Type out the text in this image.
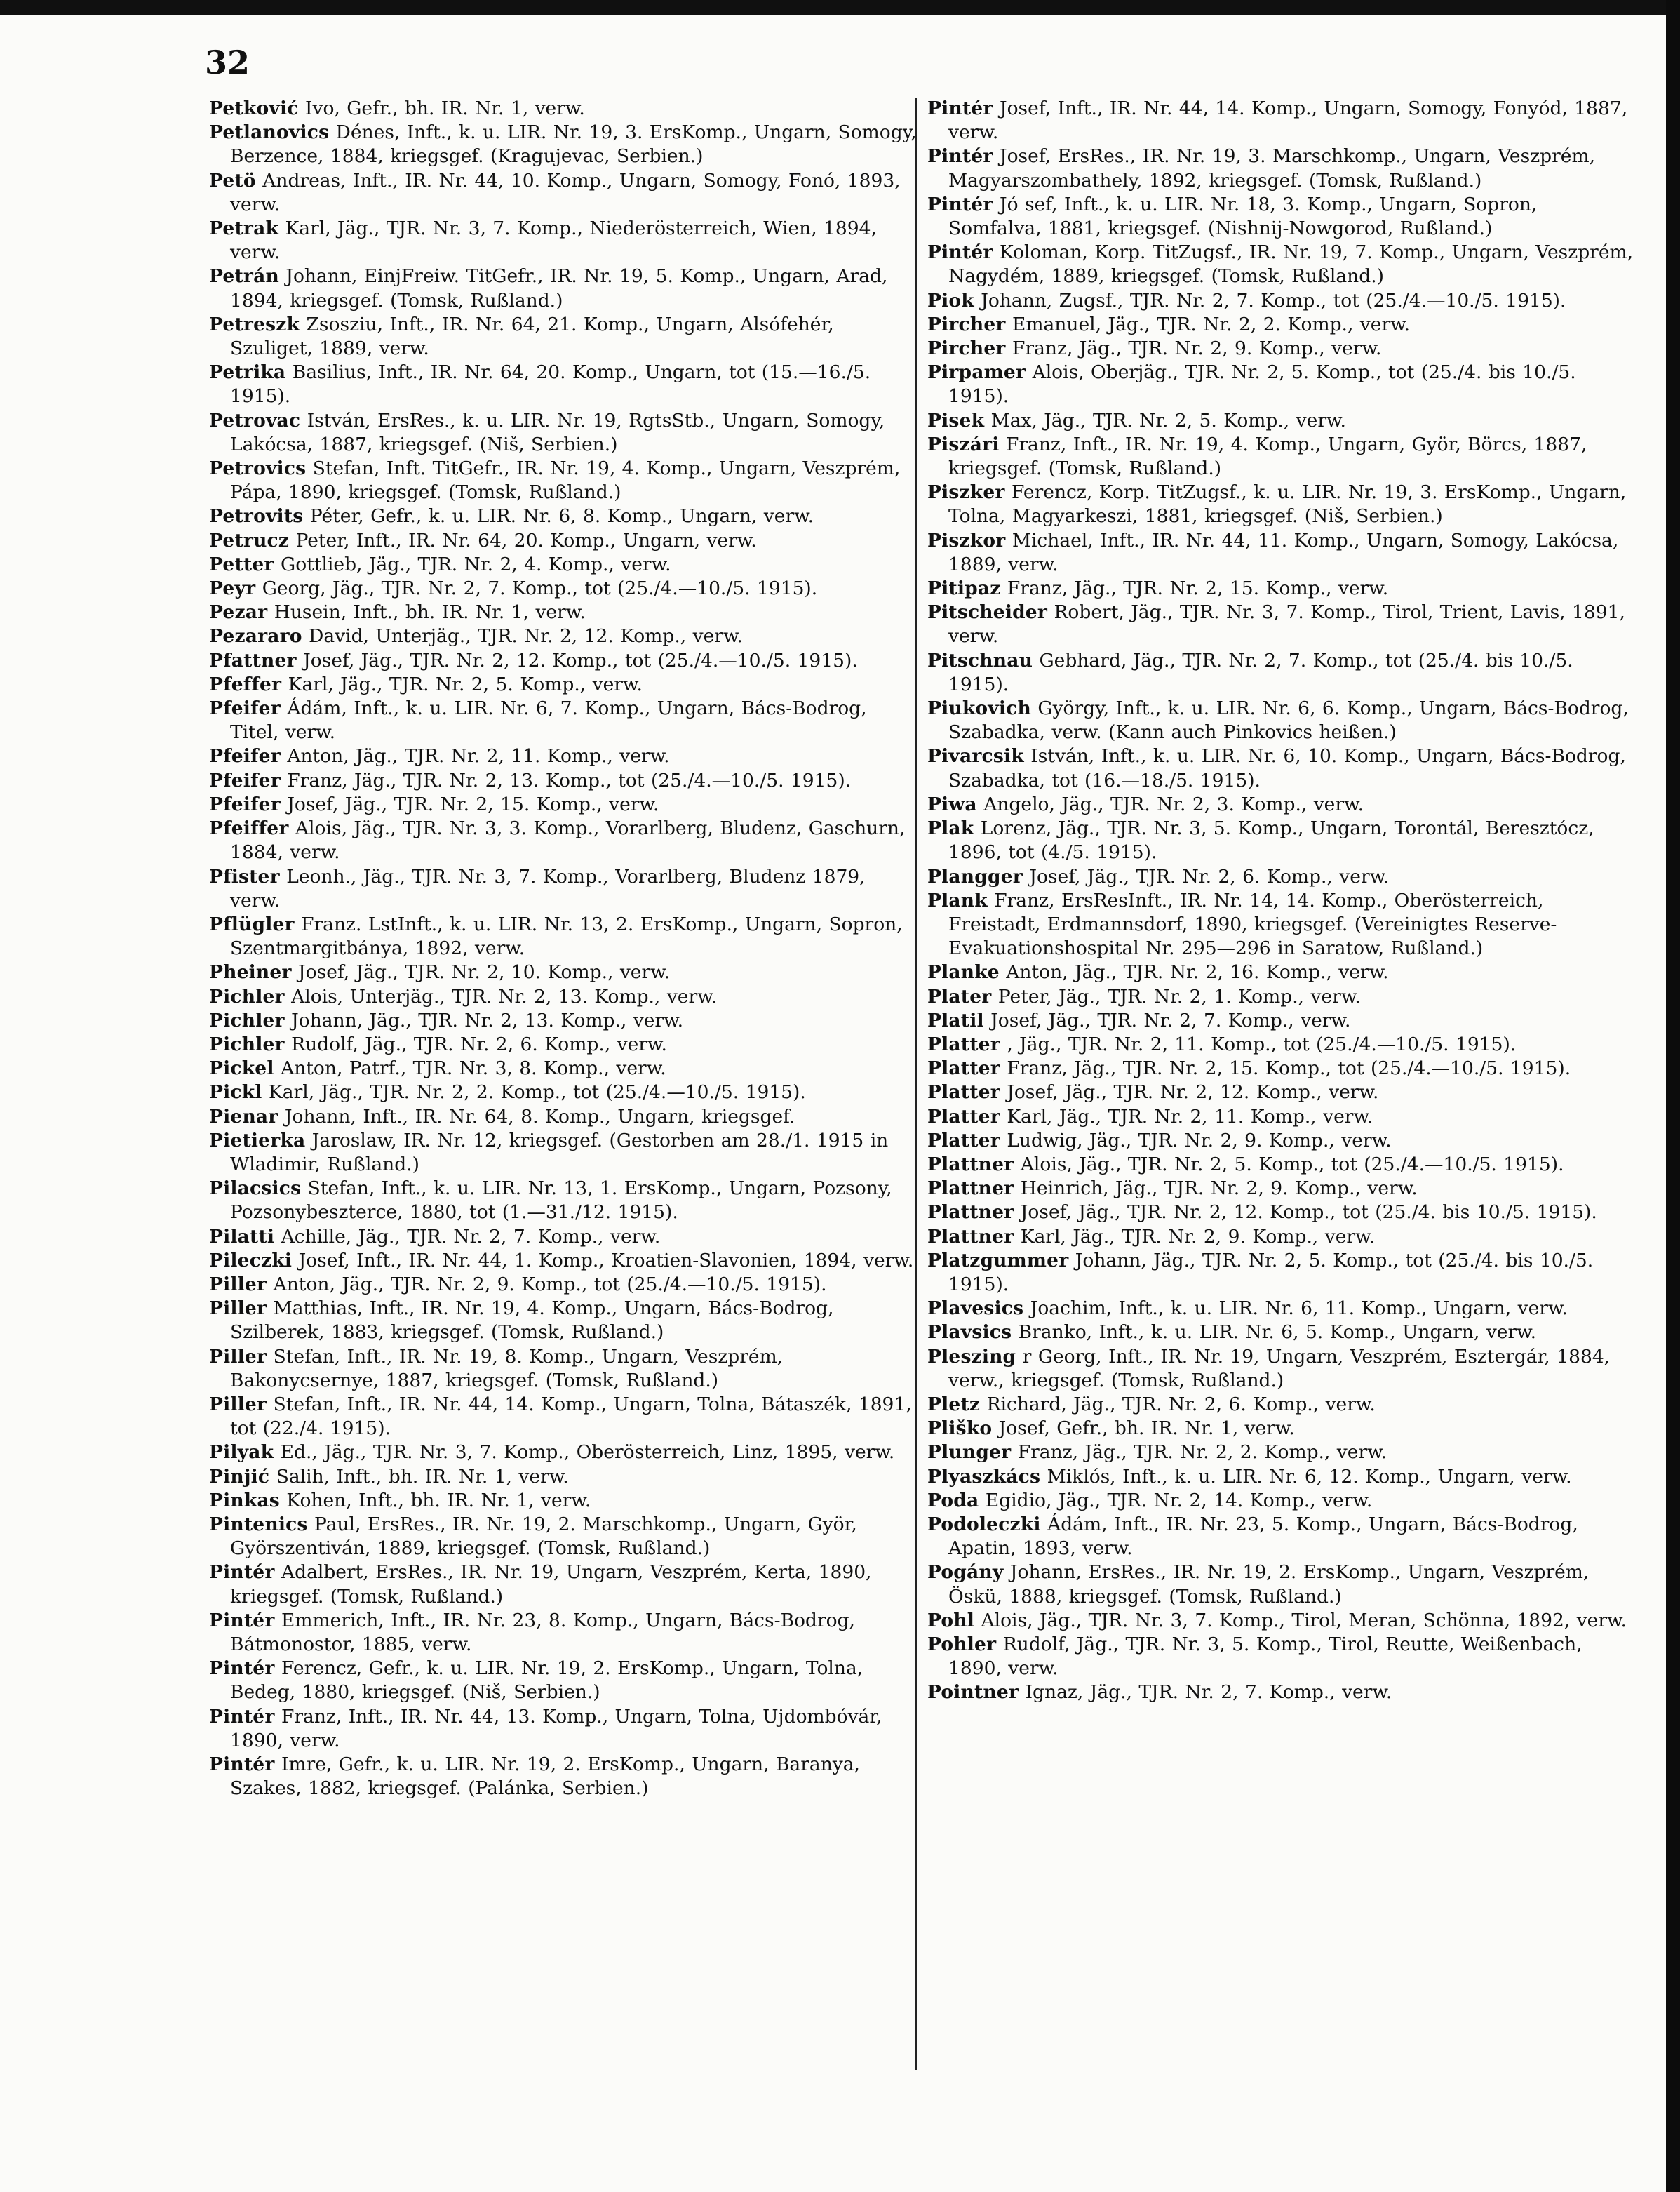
32

Petković Ivo, Gefr., bh. IR. Nr. 1, verw.

Petlanovics Dénes, Inft., k. u. LIR. Nr. 19, 3. ErsKomp., Ungarn, Somogy, Berzence, 1884, kriegsgef. (Kragujevac, Serbien.)

Petö Andreas, Inft., IR. Nr. 44, 10. Komp., Ungarn, Somogy, Fonó, 1893, verw.

Petrak Karl, Jäg., TJR. Nr. 3, 7. Komp., Niederösterreich, Wien, 1894, verw.

Petrán Johann, EinjFreiw. TitGefr., IR. Nr. 19, 5. Komp., Ungarn, Arad, 1894, kriegsgef. (Tomsk, Rußland.)

Petreszk Zsosziu, Inft., IR. Nr. 64, 21. Komp., Ungarn, Alsófehér, Szuliget, 1889, verw.

Petrika Basilius, Inft., IR. Nr. 64, 20. Komp., Ungarn, tot (15.—16./5. 1915).

Petrovac István, ErsRes., k. u. LIR. Nr. 19, RgtsStb., Ungarn, Somogy, Lakócsa, 1887, kriegsgef. (Niš, Serbien.)

Petrovics Stefan, Inft. TitGefr., IR. Nr. 19, 4. Komp., Ungarn, Veszprém, Pápa, 1890, kriegsgef. (Tomsk, Rußland.)

Petrovits Péter, Gefr., k. u. LIR. Nr. 6, 8. Komp., Ungarn, verw.

Petrucz Peter, Inft., IR. Nr. 64, 20. Komp., Ungarn, verw.

Petter Gottlieb, Jäg., TJR. Nr. 2, 4. Komp., verw.

Peyr Georg, Jäg., TJR. Nr. 2, 7. Komp., tot (25./4.—10./5. 1915).

Pezar Husein, Inft., bh. IR. Nr. 1, verw.

Pezararo David, Unterjäg., TJR. Nr. 2, 12. Komp., verw.

Pfattner Josef, Jäg., TJR. Nr. 2, 12. Komp., tot (25./4.—10./5. 1915).

Pfeffer Karl, Jäg., TJR. Nr. 2, 5. Komp., verw.

Pfeifer Ádám, Inft., k. u. LIR. Nr. 6, 7. Komp., Ungarn, Bács-Bodrog, Titel, verw.

Pfeifer Anton, Jäg., TJR. Nr. 2, 11. Komp., verw.

Pfeifer Franz, Jäg., TJR. Nr. 2, 13. Komp., tot (25./4.—10./5. 1915).

Pfeifer Josef, Jäg., TJR. Nr. 2, 15. Komp., verw.

Pfeiffer Alois, Jäg., TJR. Nr. 3, 3. Komp., Vorarlberg, Bludenz, Gaschurn, 1884, verw.

Pfister Leonh., Jäg., TJR. Nr. 3, 7. Komp., Vorarlberg, Bludenz 1879, verw.

Pflügler Franz. LstInft., k. u. LIR. Nr. 13, 2. ErsKomp., Ungarn, Sopron, Szentmargitbánya, 1892, verw.

Pheiner Josef, Jäg., TJR. Nr. 2, 10. Komp., verw.

Pichler Alois, Unterjäg., TJR. Nr. 2, 13. Komp., verw.

Pichler Johann, Jäg., TJR. Nr. 2, 13. Komp., verw.

Pichler Rudolf, Jäg., TJR. Nr. 2, 6. Komp., verw.

Pickel Anton, Patrf., TJR. Nr. 3, 8. Komp., verw.

Pickl Karl, Jäg., TJR. Nr. 2, 2. Komp., tot (25./4.—10./5. 1915).

Pienar Johann, Inft., IR. Nr. 64, 8. Komp., Ungarn, kriegsgef.

Pietierka Jaroslaw, IR. Nr. 12, kriegsgef. (Gestorben am 28./1. 1915 in Wladimir, Rußland.)

Pilacsics Stefan, Inft., k. u. LIR. Nr. 13, 1. ErsKomp., Ungarn, Pozsony, Pozsonybeszterce, 1880, tot (1.—31./12. 1915).

Pilatti Achille, Jäg., TJR. Nr. 2, 7. Komp., verw.

Pileczki Josef, Inft., IR. Nr. 44, 1. Komp., Kroatien-Slavonien, 1894, verw.

Piller Anton, Jäg., TJR. Nr. 2, 9. Komp., tot (25./4.—10./5. 1915).

Piller Matthias, Inft., IR. Nr. 19, 4. Komp., Ungarn, Bács-Bodrog, Szilberek, 1883, kriegsgef. (Tomsk, Rußland.)

Piller Stefan, Inft., IR. Nr. 19, 8. Komp., Ungarn, Veszprém, Bakonycsernye, 1887, kriegsgef. (Tomsk, Rußland.)

Piller Stefan, Inft., IR. Nr. 44, 14. Komp., Ungarn, Tolna, Bátaszék, 1891, tot (22./4. 1915).

Pilyak Ed., Jäg., TJR. Nr. 3, 7. Komp., Oberösterreich, Linz, 1895, verw.

Pinjić Salih, Inft., bh. IR. Nr. 1, verw.

Pinkas Kohen, Inft., bh. IR. Nr. 1, verw.

Pintenics Paul, ErsRes., IR. Nr. 19, 2. Marschkomp., Ungarn, Györ, Györszentiván, 1889, kriegsgef. (Tomsk, Rußland.)

Pintér Adalbert, ErsRes., IR. Nr. 19, Ungarn, Veszprém, Kerta, 1890, kriegsgef. (Tomsk, Rußland.)

Pintér Emmerich, Inft., IR. Nr. 23, 8. Komp., Ungarn, Bács-Bodrog, Bátmonostor, 1885, verw.

Pintér Ferencz, Gefr., k. u. LIR. Nr. 19, 2. ErsKomp., Ungarn, Tolna, Bedeg, 1880, kriegsgef. (Niš, Serbien.)

Pintér Franz, Inft., IR. Nr. 44, 13. Komp., Ungarn, Tolna, Ujdombóvár, 1890, verw.

Pintér Imre, Gefr., k. u. LIR. Nr. 19, 2. ErsKomp., Ungarn, Baranya, Szakes, 1882, kriegsgef. (Palánka, Serbien.)

Pintér Josef, Inft., IR. Nr. 44, 14. Komp., Ungarn, Somogy, Fonyód, 1887, verw.

Pintér Josef, ErsRes., IR. Nr. 19, 3. Marschkomp., Ungarn, Veszprém, Magyarszombathely, 1892, kriegsgef. (Tomsk, Rußland.)

Pintér Jó sef, Inft., k. u. LIR. Nr. 18, 3. Komp., Ungarn, Sopron, Somfalva, 1881, kriegsgef. (Nishnij-Nowgorod, Rußland.)

Pintér Koloman, Korp. TitZugsf., IR. Nr. 19, 7. Komp., Ungarn, Veszprém, Nagydém, 1889, kriegsgef. (Tomsk, Rußland.)

Piok Johann, Zugsf., TJR. Nr. 2, 7. Komp., tot (25./4.—10./5. 1915).

Pircher Emanuel, Jäg., TJR. Nr. 2, 2. Komp., verw.

Pircher Franz, Jäg., TJR. Nr. 2, 9. Komp., verw.

Pirpamer Alois, Oberjäg., TJR. Nr. 2, 5. Komp., tot (25./4. bis 10./5. 1915).

Pisek Max, Jäg., TJR. Nr. 2, 5. Komp., verw.

Piszári Franz, Inft., IR. Nr. 19, 4. Komp., Ungarn, Györ, Börcs, 1887, kriegsgef. (Tomsk, Rußland.)

Piszker Ferencz, Korp. TitZugsf., k. u. LIR. Nr. 19, 3. ErsKomp., Ungarn, Tolna, Magyarkeszi, 1881, kriegsgef. (Niš, Serbien.)

Piszkor Michael, Inft., IR. Nr. 44, 11. Komp., Ungarn, Somogy, Lakócsa, 1889, verw.

Pitipaz Franz, Jäg., TJR. Nr. 2, 15. Komp., verw.

Pitscheider Robert, Jäg., TJR. Nr. 3, 7. Komp., Tirol, Trient, Lavis, 1891, verw.

Pitschnau Gebhard, Jäg., TJR. Nr. 2, 7. Komp., tot (25./4. bis 10./5. 1915).

Piukovich György, Inft., k. u. LIR. Nr. 6, 6. Komp., Ungarn, Bács-Bodrog, Szabadka, verw. (Kann auch Pinkovics heißen.)

Pivarcsik István, Inft., k. u. LIR. Nr. 6, 10. Komp., Ungarn, Bács-Bodrog, Szabadka, tot (16.—18./5. 1915).

Piwa Angelo, Jäg., TJR. Nr. 2, 3. Komp., verw.

Plak Lorenz, Jäg., TJR. Nr. 3, 5. Komp., Ungarn, Torontál, Beresztócz, 1896, tot (4./5. 1915).

Plangger Josef, Jäg., TJR. Nr. 2, 6. Komp., verw.

Plank Franz, ErsResInft., IR. Nr. 14, 14. Komp., Oberösterreich, Freistadt, Erdmannsdorf, 1890, kriegsgef. (Vereinigtes Reserve-Evakuationshospital Nr. 295—296 in Saratow, Rußland.)

Planke Anton, Jäg., TJR. Nr. 2, 16. Komp., verw.

Plater Peter, Jäg., TJR. Nr. 2, 1. Komp., verw.

Platil Josef, Jäg., TJR. Nr. 2, 7. Komp., verw.

Platter , Jäg., TJR. Nr. 2, 11. Komp., tot (25./4.—10./5. 1915).

Platter Franz, Jäg., TJR. Nr. 2, 15. Komp., tot (25./4.—10./5. 1915).

Platter Josef, Jäg., TJR. Nr. 2, 12. Komp., verw.

Platter Karl, Jäg., TJR. Nr. 2, 11. Komp., verw.

Platter Ludwig, Jäg., TJR. Nr. 2, 9. Komp., verw.

Plattner Alois, Jäg., TJR. Nr. 2, 5. Komp., tot (25./4.—10./5. 1915).

Plattner Heinrich, Jäg., TJR. Nr. 2, 9. Komp., verw.

Plattner Josef, Jäg., TJR. Nr. 2, 12. Komp., tot (25./4. bis 10./5. 1915).

Plattner Karl, Jäg., TJR. Nr. 2, 9. Komp., verw.

Platzgummer Johann, Jäg., TJR. Nr. 2, 5. Komp., tot (25./4. bis 10./5. 1915).

Plavesics Joachim, Inft., k. u. LIR. Nr. 6, 11. Komp., Ungarn, verw.

Plavsics Branko, Inft., k. u. LIR. Nr. 6, 5. Komp., Ungarn, verw.

Pleszing r Georg, Inft., IR. Nr. 19, Ungarn, Veszprém, Esztergár, 1884, verw., kriegsgef. (Tomsk, Rußland.)

Pletz Richard, Jäg., TJR. Nr. 2, 6. Komp., verw.

Pliško Josef, Gefr., bh. IR. Nr. 1, verw.

Plunger Franz, Jäg., TJR. Nr. 2, 2. Komp., verw.

Plyaszkács Miklós, Inft., k. u. LIR. Nr. 6, 12. Komp., Ungarn, verw.

Poda Egidio, Jäg., TJR. Nr. 2, 14. Komp., verw.

Podoleczki Ádám, Inft., IR. Nr. 23, 5. Komp., Ungarn, Bács-Bodrog, Apatin, 1893, verw.

Pogány Johann, ErsRes., IR. Nr. 19, 2. ErsKomp., Ungarn, Veszprém, Öskü, 1888, kriegsgef. (Tomsk, Rußland.)

Pohl Alois, Jäg., TJR. Nr. 3, 7. Komp., Tirol, Meran, Schönna, 1892, verw.

Pohler Rudolf, Jäg., TJR. Nr. 3, 5. Komp., Tirol, Reutte, Weißenbach, 1890, verw.

Pointner Ignaz, Jäg., TJR. Nr. 2, 7. Komp., verw.
